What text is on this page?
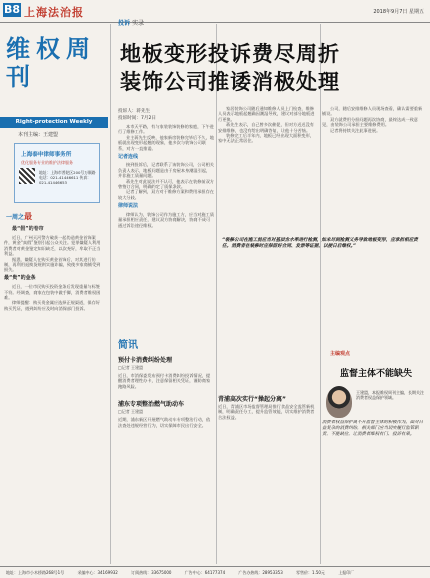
B8 上海法治报	2018年9月7日 星期五
维权周刊
Right-protection Weekly
本刊主编：王建盟
上海泰申律师事务所
优化服务专业的维护法律服务
地址：上海市普陀区200号万顺路 电话：021-41446611 传真：021-41446653
一周之最
最“假”的卷帘

近日，广州天河警方破获一起伪造黄金首饰案件，黄金“真假”鉴别引起公众关注。犯罪嫌疑人利用消费者对黄金鉴定知识缺乏，以次充好，牟取不正当利益。

据悉，嫌疑人在购买黄金首饰后，对其进行仿制，再利用退换货规则实施诈骗，致使多家商铺受到损失。

最“贵”的金条

近日，一位市民购买投资金条后发现重量与标签不符。经调查，商家在包装中做手脚，消费者维权困难。

律师提醒：购买贵金属应选择正规渠道，保存好购买凭证，遇到纠纷应及时向消保部门投诉。

投诉 实录
地板变形投诉费尽周折
装饰公司推诿消极处理
投诉人：蒋先生
投诉时间：7月2日

本市天平路，有与家装装饰装修的家庭，下午进行了维修工作。

业主蒋先生反映，他家新房装修完毕后不久，地板就出现变形起翘的现象，他多次与装饰公司联系，对方一直推诿。

记者连线

接到投诉后，记者联系了该装饰公司，公司相关负责人表示，地板问题是由于房屋本身潮湿引起，并非施工质量问题。

蒋先生对此说法并不认可，他表示在装修前双方曾签订合同，明确约定了质保条款。

记者了解到，双方对于维修方案和费用承担存在较大分歧。

律师说法

律师认为，装饰公司作为施工方，应当对施工质量承担相应责任，建议双方协商解决，协商不成可通过诉讼途径维权。

家居装饰公司随后通知维修人员上门检查，维修人员表示地板起翘确因潮湿导致，建议对部分地板进行更换。

蒋先生表示，自己曾多次催促，但对方迟迟没有安排维修，也没有给出明确答复，让他十分苦恼。

装修完工后半年内，地板已经出现大面积变形，家中无法正常居住。

公司，随后安排维修人员现场查看，确认需要重新铺设。

双方就费用分担问题再次协商，最终达成一致意见，由装饰公司承担主要维修费用。

记者将持续关注此事进展。

“装修公司在施工前应当对基层含水率进行检测，如未尽到检测义务导致地板变形，应承担相应责任。消费者在装修时应保留好合同、发票等证据，以便日后维权。”
简讯
预付卡消费纠纷处理
□记者 王建盟
近日，市消保委发布预付卡消费纠纷投诉情况，提醒消费者理性办卡，注意保留相关凭证，谨防商家跑路风险。
浦东专项整治燃气助动车
□记者 王建盟
近期，浦东新区开展燃气助动车专项整治行动，依法查处违规经营行为，切实保障市民出行安全。
青浦高次实行“操起分离”
近日，青浦区市场监督管理局推行食品安全监管新机制，明确责任分工，提升监管效能，切实维护消费者合法权益。
主编观点
监督主体不能缺失
王建盟，本报维权周刊主编，长期关注消费者权益保护领域。
消费者权益保护离不开监督主体的积极作为。面对日益复杂的消费纠纷，相关部门应当切实履行监管职责，不能缺位，让消费者维权有门、投诉有果。
地址：上海市小木桥路268号1号	采编中心：34169932	订阅热线：33675000	广告中心：64177374	广告办热线：28953353	零售价：1.50元	上报印厂
